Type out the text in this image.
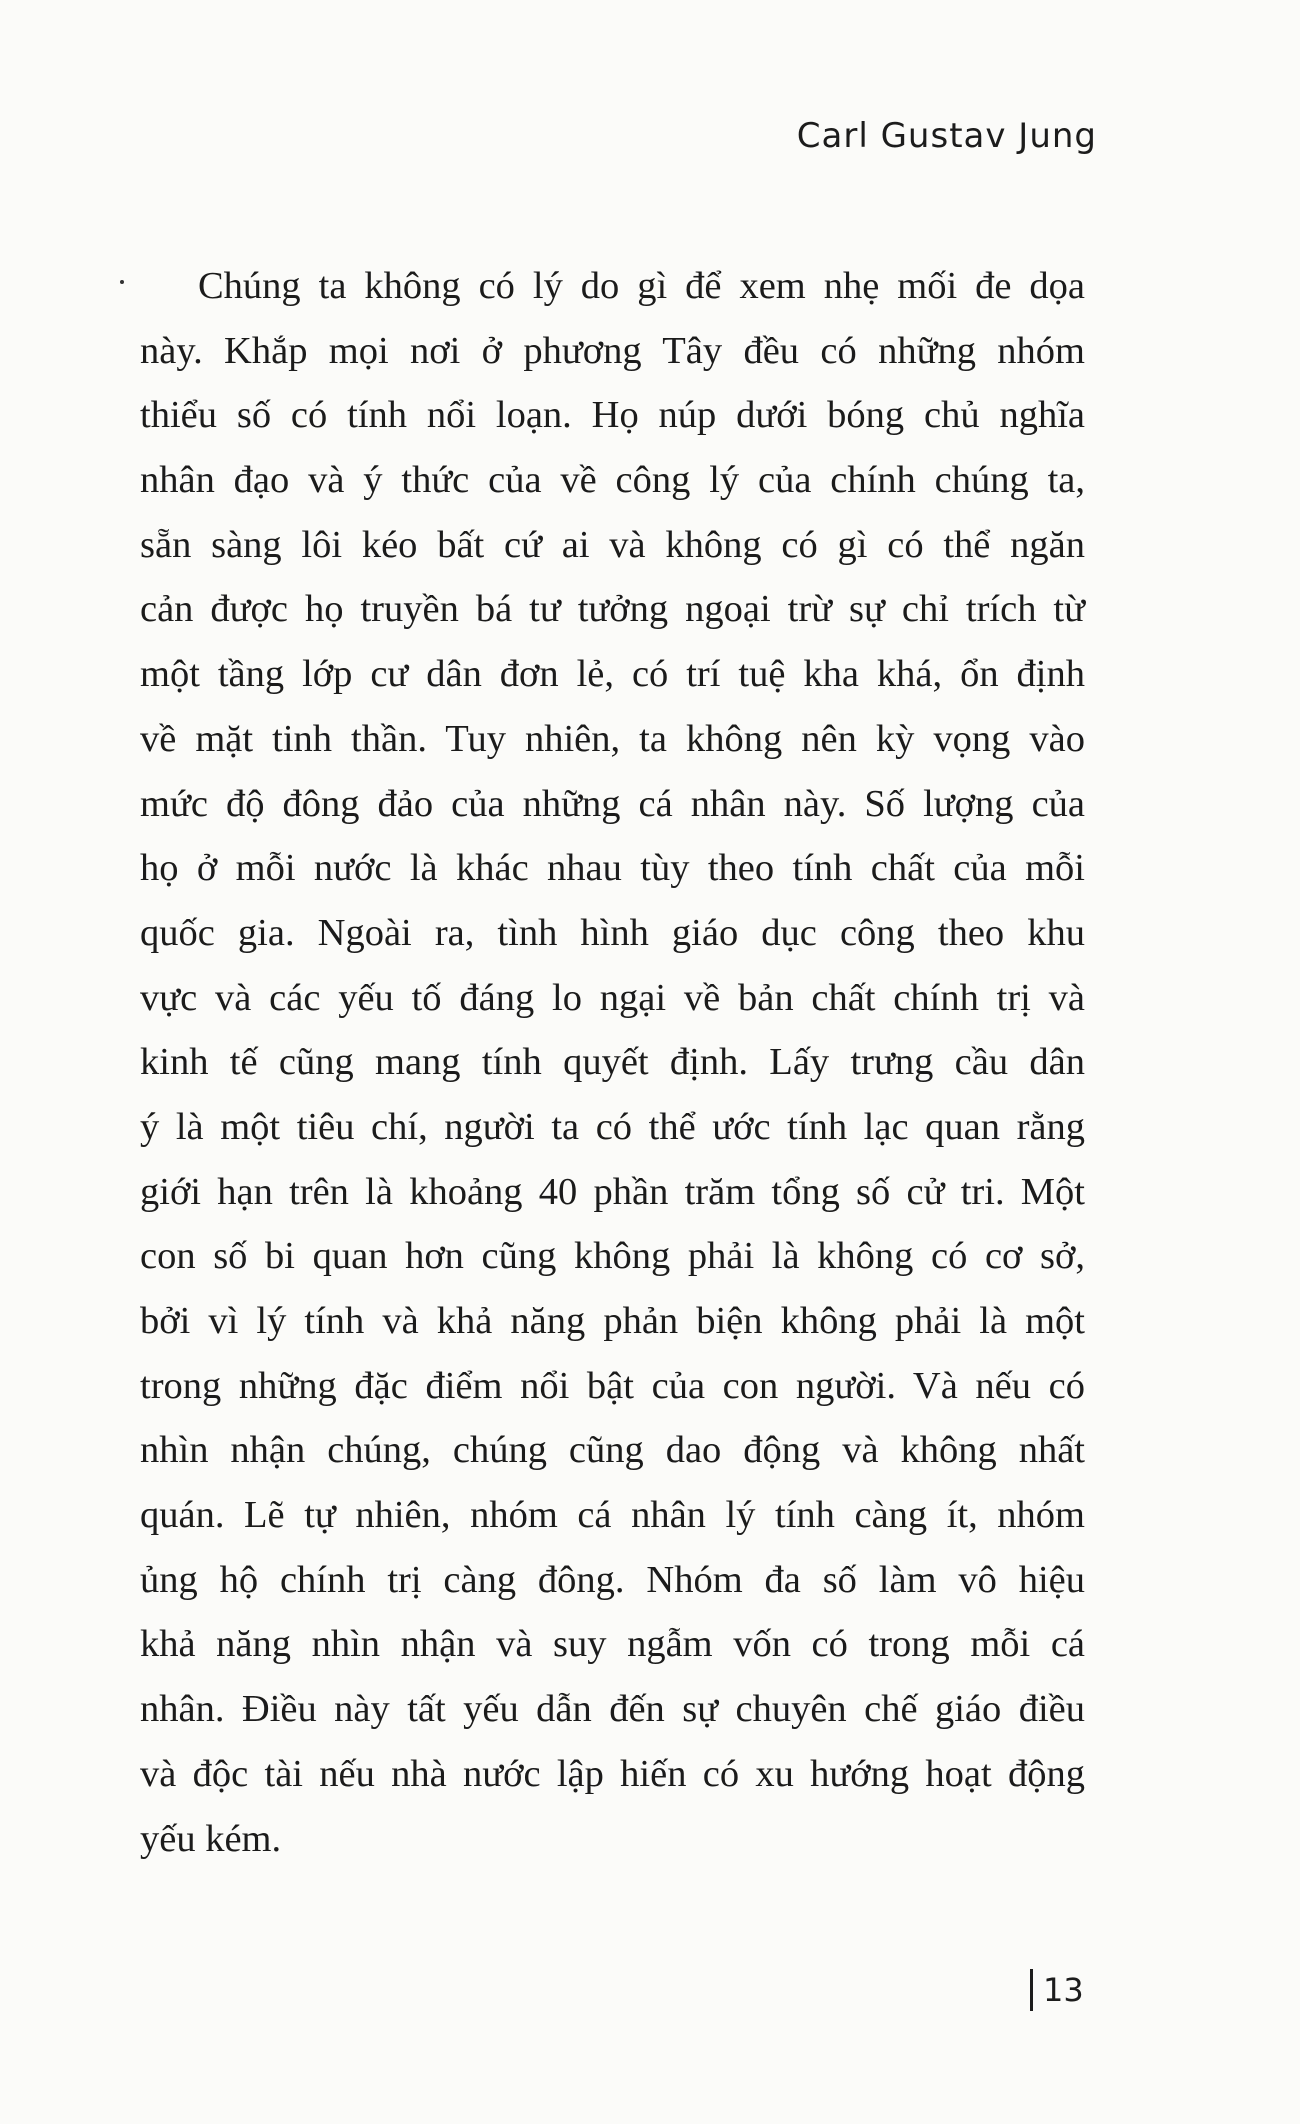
Carl Gustav Jung
Chúng ta không có lý do gì để xem nhẹ mối đe dọa
này. Khắp mọi nơi ở phương Tây đều có những nhóm
thiểu số có tính nổi loạn. Họ núp dưới bóng chủ nghĩa
nhân đạo và ý thức của về công lý của chính chúng ta,
sẵn sàng lôi kéo bất cứ ai và không có gì có thể ngăn
cản được họ truyền bá tư tưởng ngoại trừ sự chỉ trích từ
một tầng lớp cư dân đơn lẻ, có trí tuệ kha khá, ổn định
về mặt tinh thần. Tuy nhiên, ta không nên kỳ vọng vào
mức độ đông đảo của những cá nhân này. Số lượng của
họ ở mỗi nước là khác nhau tùy theo tính chất của mỗi
quốc gia. Ngoài ra, tình hình giáo dục công theo khu
vực và các yếu tố đáng lo ngại về bản chất chính trị và
kinh tế cũng mang tính quyết định. Lấy trưng cầu dân
ý là một tiêu chí, người ta có thể ước tính lạc quan rằng
giới hạn trên là khoảng 40 phần trăm tổng số cử tri. Một
con số bi quan hơn cũng không phải là không có cơ sở,
bởi vì lý tính và khả năng phản biện không phải là một
trong những đặc điểm nổi bật của con người. Và nếu có
nhìn nhận chúng, chúng cũng dao động và không nhất
quán. Lẽ tự nhiên, nhóm cá nhân lý tính càng ít, nhóm
ủng hộ chính trị càng đông. Nhóm đa số làm vô hiệu
khả năng nhìn nhận và suy ngẫm vốn có trong mỗi cá
nhân. Điều này tất yếu dẫn đến sự chuyên chế giáo điều
và độc tài nếu nhà nước lập hiến có xu hướng hoạt động
yếu kém.
13
